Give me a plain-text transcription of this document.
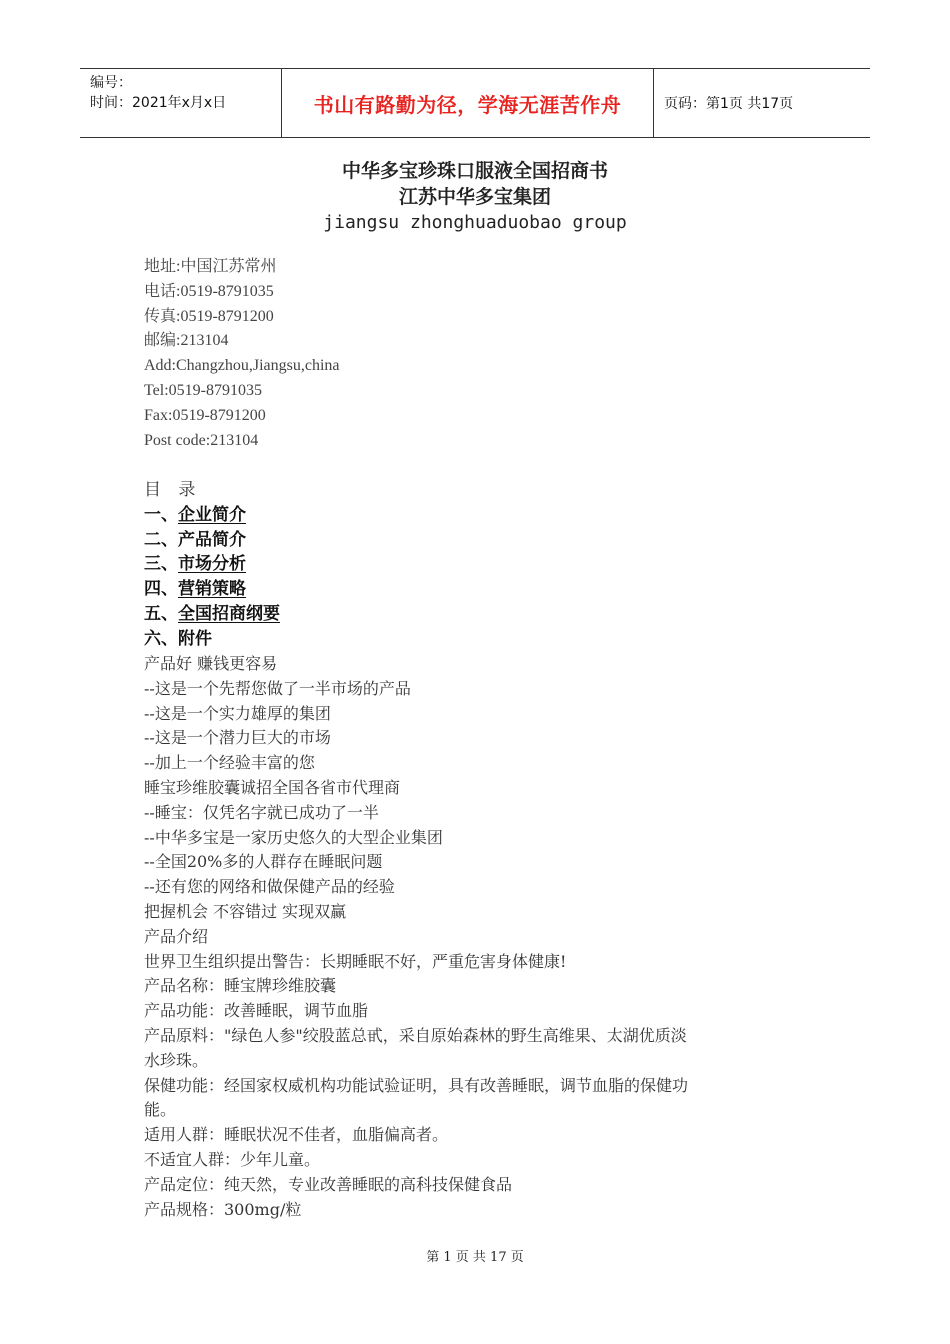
编号：
时间：2021年x月x日	书山有路勤为径，学海无涯苦作舟	页码：第1页 共17页
中华多宝珍珠口服液全国招商书
江苏中华多宝集团
jiangsu zhonghuaduobao group
地址:中国江苏常州
电话:0519-8791035
传真:0519-8791200
邮编:213104
Add:Changzhou,Jiangsu,china
Tel:0519-8791035
Fax:0519-8791200
Post code:213104
目 录
一、企业简介
二、产品简介
三、市场分析
四、营销策略
五、全国招商纲要
六、附件
产品好 赚钱更容易
--这是一个先帮您做了一半市场的产品
--这是一个实力雄厚的集团
--这是一个潜力巨大的市场
--加上一个经验丰富的您
睡宝珍维胶囊诚招全国各省市代理商
--睡宝：仅凭名字就已成功了一半
--中华多宝是一家历史悠久的大型企业集团
--全国20%多的人群存在睡眠问题
--还有您的网络和做保健产品的经验
把握机会 不容错过 实现双赢
产品介绍
世界卫生组织提出警告：长期睡眠不好，严重危害身体健康!
产品名称：睡宝牌珍维胶囊
产品功能：改善睡眠，调节血脂
产品原料："绿色人参"绞股蓝总甙，采自原始森林的野生高维果、太湖优质淡
水珍珠。
保健功能：经国家权威机构功能试验证明，具有改善睡眠，调节血脂的保健功
能。
适用人群：睡眠状况不佳者，血脂偏高者。
不适宜人群：少年儿童。
产品定位：纯天然，专业改善睡眠的高科技保健食品
产品规格：300mg/粒
第 1 页 共 17 页
